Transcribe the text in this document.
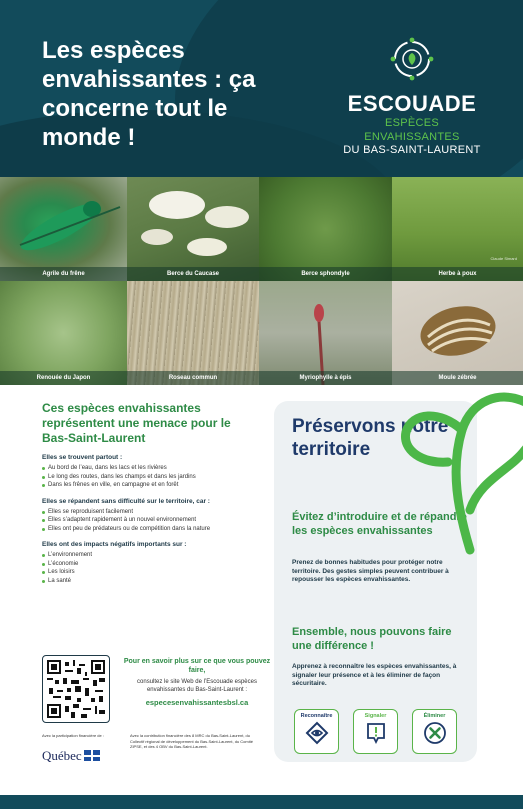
Les espèces envahissantes : ça concerne tout le monde !
ESCOUADE
ESPÈCES ENVAHISSANTES
DU BAS-SAINT-LAURENT
Agrile du frêne	Berce du Caucase	Berce sphondyle
Claude Simard
Herbe à poux
Renouée du Japon	Roseau commun	Myriophylle à épis	Moule zébrée
Ces espèces envahissantes représentent une menace pour le Bas-Saint-Laurent
Elles se trouvent partout :
Au bord de l’eau, dans les lacs et les rivières
Le long des routes, dans les champs et dans les jardins
Dans les frênes en ville, en campagne et en forêt
Elles se répandent sans difficulté sur le territoire, car :
Elles se reproduisent facilement
Elles s’adaptent rapidement à un nouvel environnement
Elles ont peu de prédateurs ou de compétition dans la nature
Elles ont des impacts négatifs importants sur :
L’environnement
L’économie
Les loisirs
La santé
Pour en savoir plus sur ce que vous pouvez faire,
consultez le site Web de l’Escouade espèces envahissantes du Bas-Saint-Laurent :
especesenvahissantesbsl.ca
Avec la participation financière de :
Québec
Avec la contribution financière des 8 MRC du Bas-Saint-Laurent, du Collectif régional de développement du Bas-Saint-Laurent, du Comité ZIPSE, et des 4 OBV du Bas-Saint-Laurent.
Préservons notre territoire
Évitez d’introduire et de répandre les espèces envahissantes
Prenez de bonnes habitudes pour protéger notre territoire. Des gestes simples peuvent contribuer à repousser les espèces envahissantes.
Ensemble, nous pouvons faire une différence !
Apprenez à reconnaître les espèces envahissantes, à signaler leur présence et à les éliminer de façon sécuritaire.
Reconnaître	Signaler	Éliminer
